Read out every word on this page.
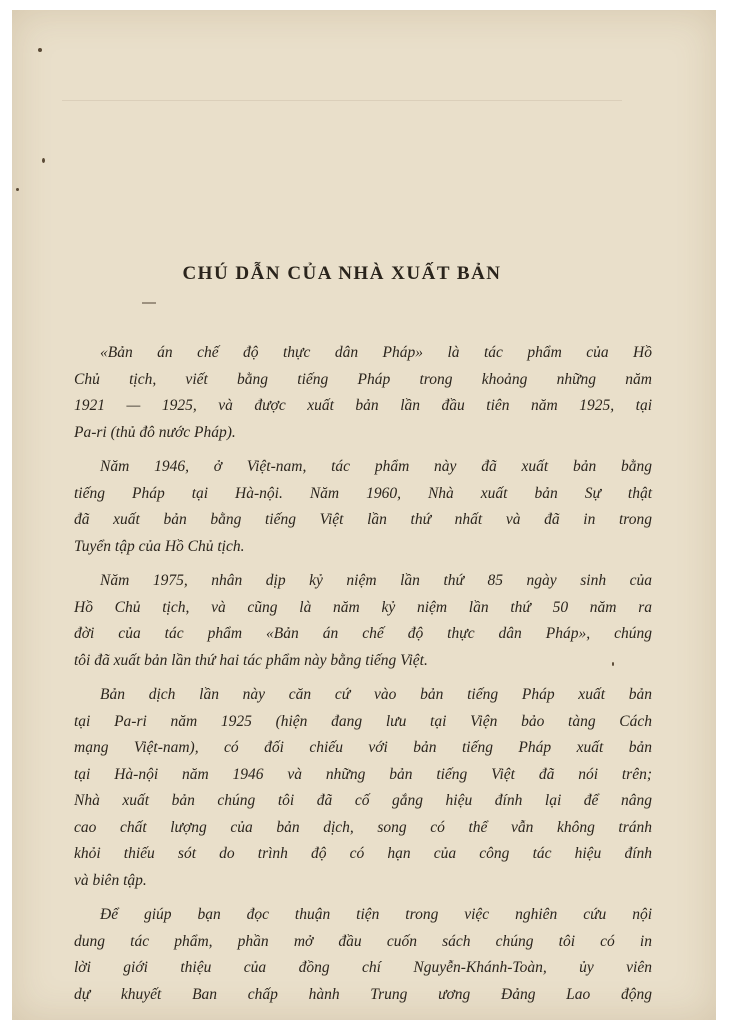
CHÚ DẪN CỦA NHÀ XUẤT BẢN
«Bản án chế độ thực dân Pháp» là tác phẩm của Hồ
Chủ tịch, viết bằng tiếng Pháp trong khoảng những năm
1921 — 1925, và được xuất bản lần đầu tiên năm 1925, tại
Pa-ri (thủ đô nước Pháp).
Năm 1946, ở Việt-nam, tác phẩm này đã xuất bản bằng
tiếng Pháp tại Hà-nội. Năm 1960, Nhà xuất bản Sự thật
đã xuất bản bằng tiếng Việt lần thứ nhất và đã in trong
Tuyển tập của Hồ Chủ tịch.
Năm 1975, nhân dịp kỷ niệm lần thứ 85 ngày sinh của
Hồ Chủ tịch, và cũng là năm kỷ niệm lần thứ 50 năm ra
đời của tác phẩm «Bản án chế độ thực dân Pháp», chúng
tôi đã xuất bản lần thứ hai tác phẩm này bằng tiếng Việt.
Bản dịch lần này căn cứ vào bản tiếng Pháp xuất bản
tại Pa-ri năm 1925 (hiện đang lưu tại Viện bảo tàng Cách
mạng Việt-nam), có đối chiếu với bản tiếng Pháp xuất bản
tại Hà-nội năm 1946 và những bản tiếng Việt đã nói trên;
Nhà xuất bản chúng tôi đã cố gắng hiệu đính lại để nâng
cao chất lượng của bản dịch, song có thể vẫn không tránh
khỏi thiếu sót do trình độ có hạn của công tác hiệu đính
và biên tập.
Để giúp bạn đọc thuận tiện trong việc nghiên cứu nội
dung tác phẩm, phần mở đầu cuốn sách chúng tôi có in
lời giới thiệu của đồng chí Nguyễn-Khánh-Toàn, ủy viên
dự khuyết Ban chấp hành Trung ương Đảng Lao động
